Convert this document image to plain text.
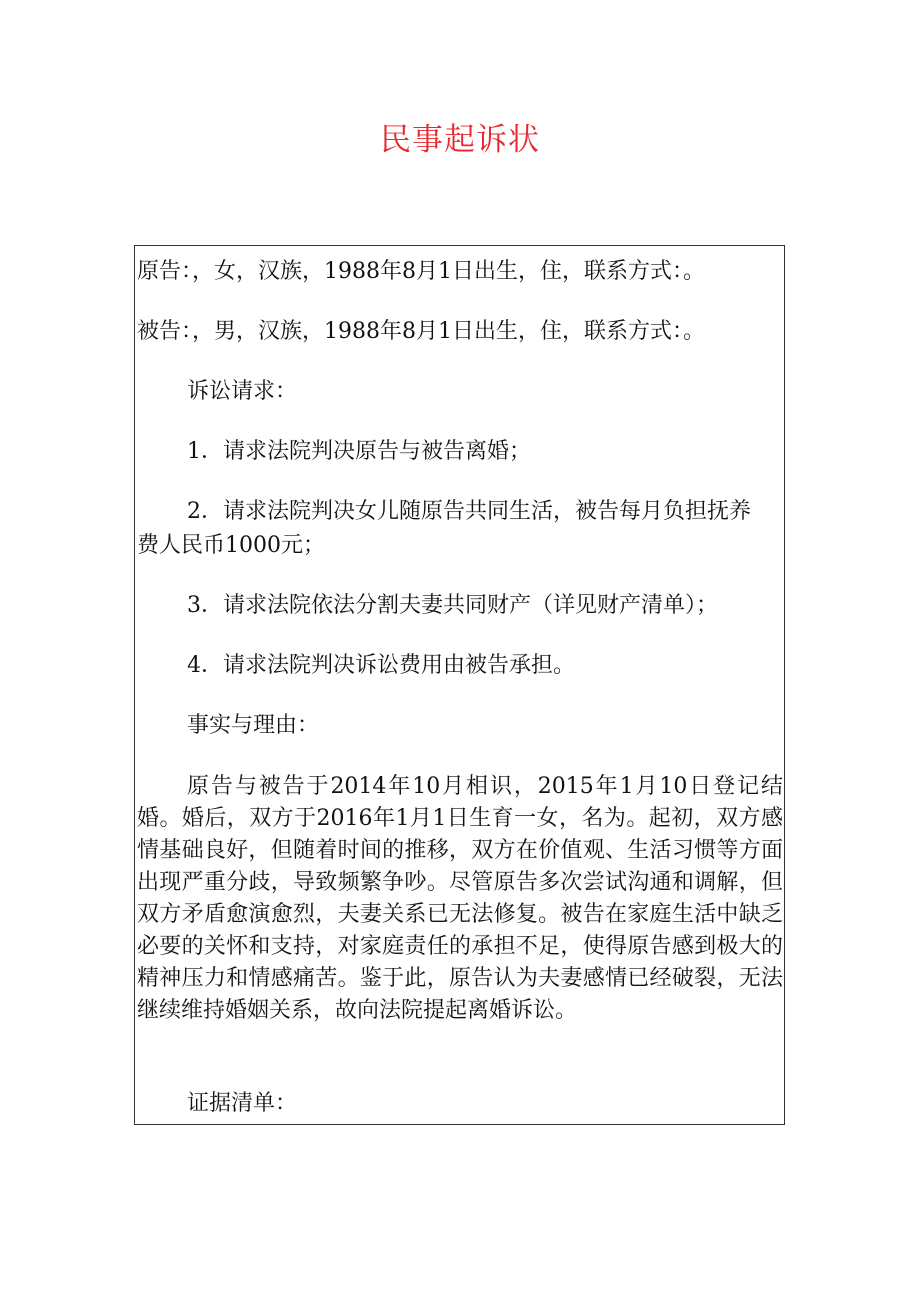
民事起诉状
原告：，女，汉族，1988年8月1日出生，住，联系方式：。
被告：，男，汉族，1988年8月1日出生，住，联系方式：。
诉讼请求：
1．请求法院判决原告与被告离婚；
2．请求法院判决女儿随原告共同生活，被告每月负担抚养
费人民币1000元；
3．请求法院依法分割夫妻共同财产（详见财产清单）；
4．请求法院判决诉讼费用由被告承担。
事实与理由：
原告与被告于2014年10月相识，2015年1月10日登记结婚。婚后，双方于2016年1月1日生育一女，名为。起初，双方感情基础良好，但随着时间的推移，双方在价值观、生活习惯等方面出现严重分歧，导致频繁争吵。尽管原告多次尝试沟通和调解，但双方矛盾愈演愈烈，夫妻关系已无法修复。被告在家庭生活中缺乏必要的关怀和支持，对家庭责任的承担不足，使得原告感到极大的精神压力和情感痛苦。鉴于此，原告认为夫妻感情已经破裂，无法继续维持婚姻关系，故向法院提起离婚诉讼。
证据清单：
